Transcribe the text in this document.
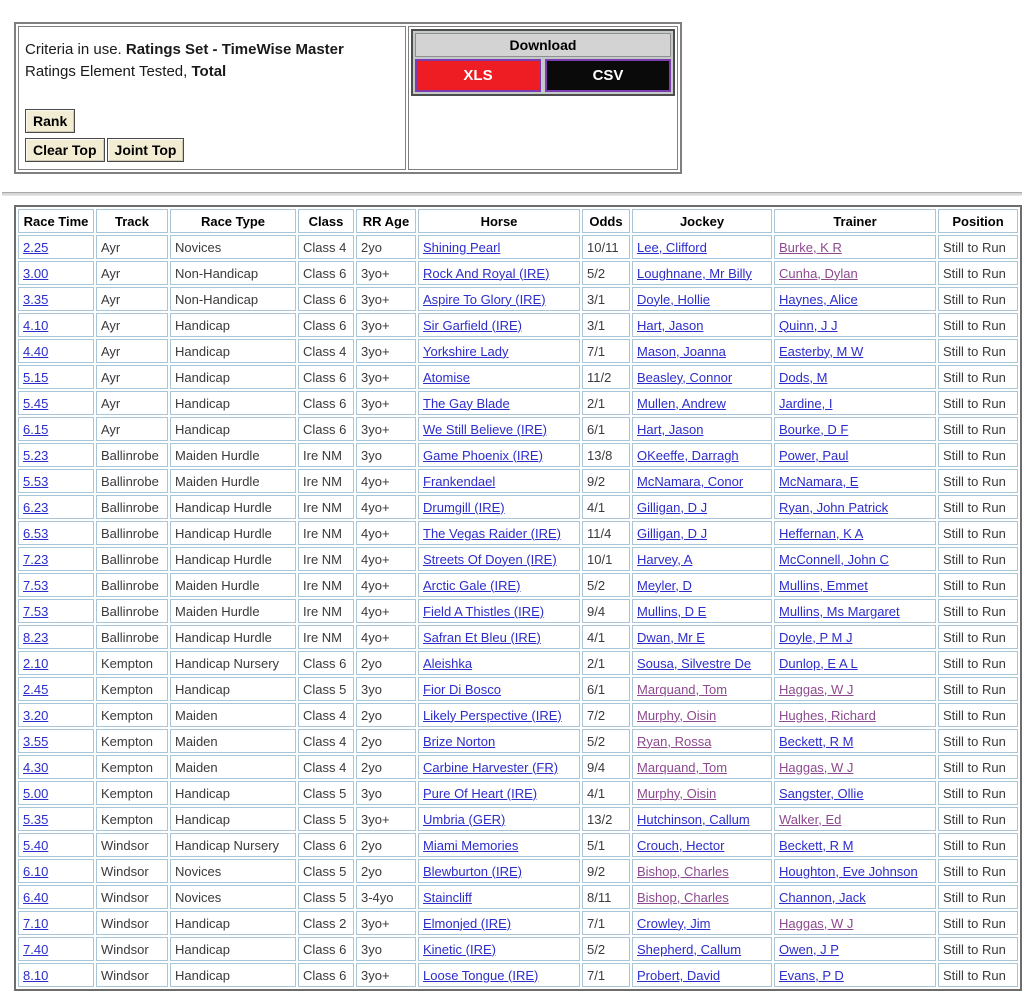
Criteria in use. Ratings Set - TimeWise Master
Ratings Element Tested, Total
Rank
Clear Top	Joint Top
Download
XLS	CSV
Race Time	Track	Race Type	Class	RR Age	Horse	Odds	Jockey	Trainer	Position
2.25	Ayr	Novices	Class 4	2yo	Shining Pearl	10/11	Lee, Clifford	Burke, K R	Still to Run
3.00	Ayr	Non-Handicap	Class 6	3yo+	Rock And Royal (IRE)	5/2	Loughnane, Mr Billy	Cunha, Dylan	Still to Run
3.35	Ayr	Non-Handicap	Class 6	3yo+	Aspire To Glory (IRE)	3/1	Doyle, Hollie	Haynes, Alice	Still to Run
4.10	Ayr	Handicap	Class 6	3yo+	Sir Garfield (IRE)	3/1	Hart, Jason	Quinn, J J	Still to Run
4.40	Ayr	Handicap	Class 4	3yo+	Yorkshire Lady	7/1	Mason, Joanna	Easterby, M W	Still to Run
5.15	Ayr	Handicap	Class 6	3yo+	Atomise	11/2	Beasley, Connor	Dods, M	Still to Run
5.45	Ayr	Handicap	Class 6	3yo+	The Gay Blade	2/1	Mullen, Andrew	Jardine, I	Still to Run
6.15	Ayr	Handicap	Class 6	3yo+	We Still Believe (IRE)	6/1	Hart, Jason	Bourke, D F	Still to Run
5.23	Ballinrobe	Maiden Hurdle	Ire NM	3yo	Game Phoenix (IRE)	13/8	OKeeffe, Darragh	Power, Paul	Still to Run
5.53	Ballinrobe	Maiden Hurdle	Ire NM	4yo+	Frankendael	9/2	McNamara, Conor	McNamara, E	Still to Run
6.23	Ballinrobe	Handicap Hurdle	Ire NM	4yo+	Drumgill (IRE)	4/1	Gilligan, D J	Ryan, John Patrick	Still to Run
6.53	Ballinrobe	Handicap Hurdle	Ire NM	4yo+	The Vegas Raider (IRE)	11/4	Gilligan, D J	Heffernan, K A	Still to Run
7.23	Ballinrobe	Handicap Hurdle	Ire NM	4yo+	Streets Of Doyen (IRE)	10/1	Harvey, A	McConnell, John C	Still to Run
7.53	Ballinrobe	Maiden Hurdle	Ire NM	4yo+	Arctic Gale (IRE)	5/2	Meyler, D	Mullins, Emmet	Still to Run
7.53	Ballinrobe	Maiden Hurdle	Ire NM	4yo+	Field A Thistles (IRE)	9/4	Mullins, D E	Mullins, Ms Margaret	Still to Run
8.23	Ballinrobe	Handicap Hurdle	Ire NM	4yo+	Safran Et Bleu (IRE)	4/1	Dwan, Mr E	Doyle, P M J	Still to Run
2.10	Kempton	Handicap Nursery	Class 6	2yo	Aleishka	2/1	Sousa, Silvestre De	Dunlop, E A L	Still to Run
2.45	Kempton	Handicap	Class 5	3yo	Fior Di Bosco	6/1	Marquand, Tom	Haggas, W J	Still to Run
3.20	Kempton	Maiden	Class 4	2yo	Likely Perspective (IRE)	7/2	Murphy, Oisin	Hughes, Richard	Still to Run
3.55	Kempton	Maiden	Class 4	2yo	Brize Norton	5/2	Ryan, Rossa	Beckett, R M	Still to Run
4.30	Kempton	Maiden	Class 4	2yo	Carbine Harvester (FR)	9/4	Marquand, Tom	Haggas, W J	Still to Run
5.00	Kempton	Handicap	Class 5	3yo	Pure Of Heart (IRE)	4/1	Murphy, Oisin	Sangster, Ollie	Still to Run
5.35	Kempton	Handicap	Class 5	3yo+	Umbria (GER)	13/2	Hutchinson, Callum	Walker, Ed	Still to Run
5.40	Windsor	Handicap Nursery	Class 6	2yo	Miami Memories	5/1	Crouch, Hector	Beckett, R M	Still to Run
6.10	Windsor	Novices	Class 5	2yo	Blewburton (IRE)	9/2	Bishop, Charles	Houghton, Eve Johnson	Still to Run
6.40	Windsor	Novices	Class 5	3-4yo	Staincliff	8/11	Bishop, Charles	Channon, Jack	Still to Run
7.10	Windsor	Handicap	Class 2	3yo+	Elmonjed (IRE)	7/1	Crowley, Jim	Haggas, W J	Still to Run
7.40	Windsor	Handicap	Class 6	3yo	Kinetic (IRE)	5/2	Shepherd, Callum	Owen, J P	Still to Run
8.10	Windsor	Handicap	Class 6	3yo+	Loose Tongue (IRE)	7/1	Probert, David	Evans, P D	Still to Run
